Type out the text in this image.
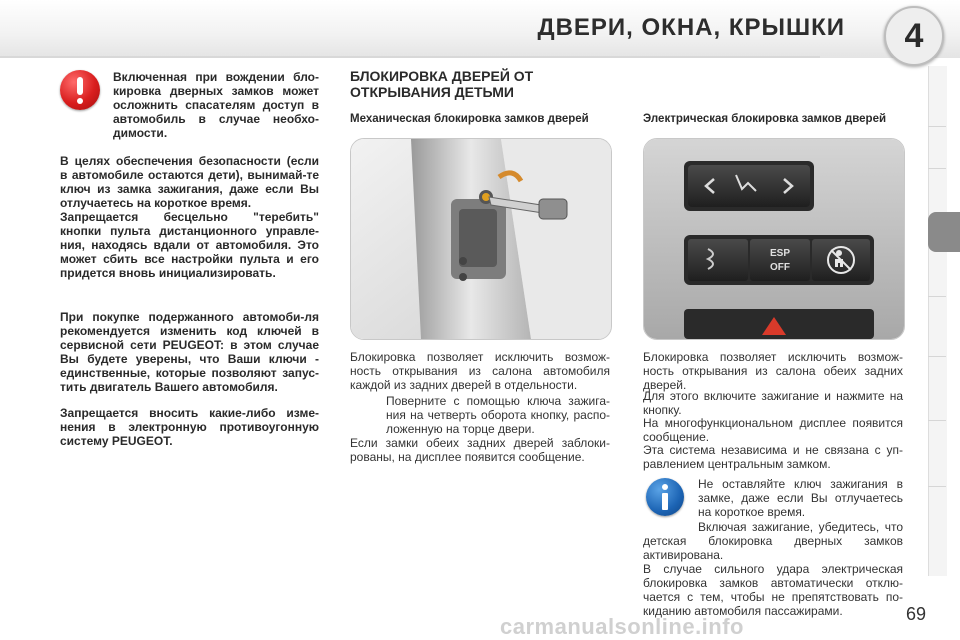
ДВЕРИ, ОКНА, КРЫШКИ 4
Включенная при вождении бло-кировка дверных замков может осложнить спасателям доступ в автомобиль в случае необхо-димости.
В целях обеспечения безопасности (если в автомобиле остаются дети), вынимай-те ключ из замка зажигания, даже если Вы отлучаетесь на короткое время.
Запрещается бесцельно "теребить" кнопки пульта дистанционного управле-ния, находясь вдали от автомобиля. Это может сбить все настройки пульта и его придется вновь инициализировать.
При покупке подержанного автомоби-ля рекомендуется изменить код ключей в сервисной сети PEUGEOT: в этом случае Вы будете уверены, что Ваши ключи - единственные, которые позволяют запус-тить двигатель Вашего автомобиля.
Запрещается вносить какие-либо изме-нения в электронную противоугонную систему PEUGEOT.
БЛОКИРОВКА ДВЕРЕЙ ОТ
ОТКРЫВАНИЯ ДЕТЬМИ
Механическая блокировка замков дверей
Блокировка позволяет исключить возмож-ность открывания из салона автомобиля каждой из задних дверей в отдельности.
Поверните с помощью ключа зажига-ния на четверть оборота кнопку, распо-ложенную на торце двери.
Если замки обеих задних дверей заблоки-рованы, на дисплее появится сообщение.
Электрическая блокировка замков дверей
ESP
OFF
Блокировка позволяет исключить возмож-ность открывания из салона обеих задних дверей.
Для этого включите зажигание и нажмите на кнопку.
На многофункциональном дисплее появится сообщение.
Эта система независима и не связана с уп-равлением центральным замком.
Не оставляйте ключ зажигания в замке, даже если Вы отлучаетесь на короткое время.
Включая зажигание, убедитесь, что детская блокировка дверных замков активирована.
В случае сильного удара электрическая блокировка замков автоматически отклю-чается с тем, чтобы не препятствовать по-киданию автомобиля пассажирами.
carmanualsonline.info	69
